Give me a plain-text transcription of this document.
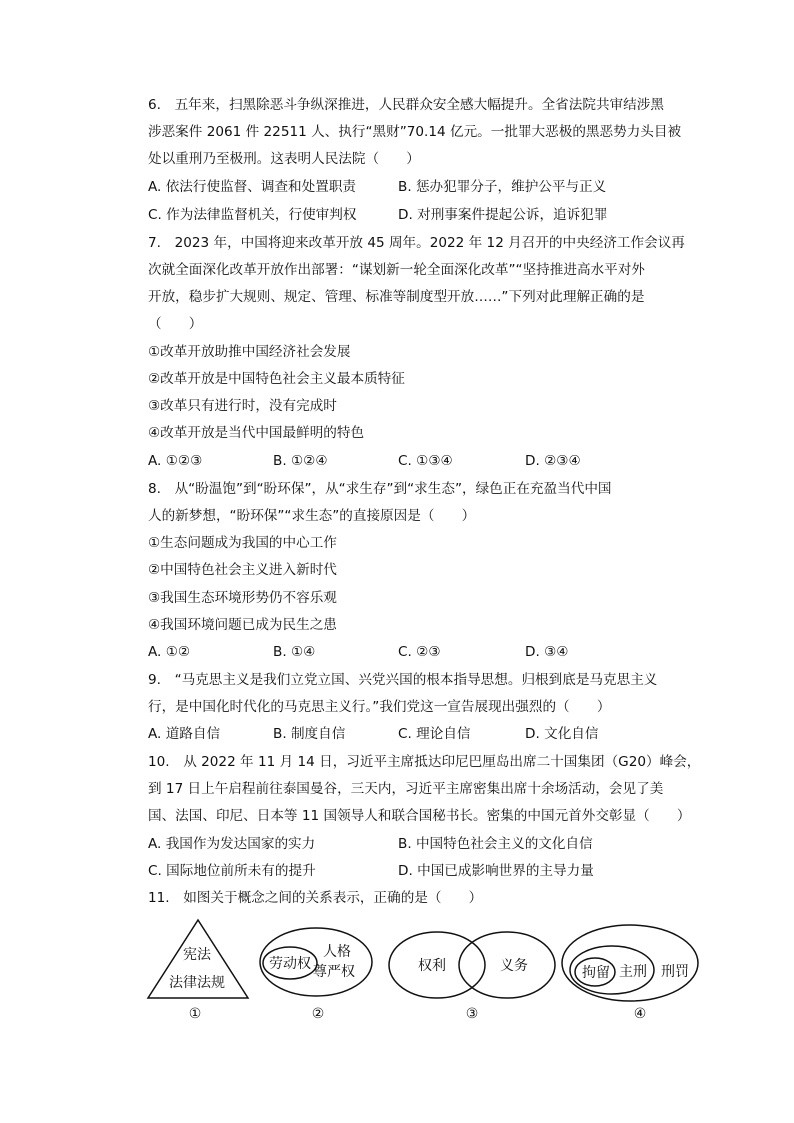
6.　五年来，扫黑除恶斗争纵深推进，人民群众安全感大幅提升。全省法院共审结涉黑
涉恶案件 2061 件 22511 人、执行“黑财”70.14 亿元。一批罪大恶极的黑恶势力头目被
处以重刑乃至极刑。这表明人民法院（　　）
A. 依法行使监督、调查和处置职责	B. 惩办犯罪分子，维护公平与正义
C. 作为法律监督机关，行使审判权	D. 对刑事案件提起公诉，追诉犯罪
7.　2023 年，中国将迎来改革开放 45 周年。2022 年 12 月召开的中央经济工作会议再
次就全面深化改革开放作出部署：“谋划新一轮全面深化改革”“坚持推进高水平对外
开放，稳步扩大规则、规定、管理、标准等制度型开放……”下列对此理解正确的是
（　　）
①改革开放助推中国经济社会发展
②改革开放是中国特色社会主义最本质特征
③改革只有进行时，没有完成时
④改革开放是当代中国最鲜明的特色
A. ①②③	B. ①②④	C. ①③④	D. ②③④
8.　从“盼温饱”到“盼环保”，从“求生存”到“求生态”，绿色正在充盈当代中国
人的新梦想，“盼环保”“求生态”的直接原因是（　　）
①生态问题成为我国的中心工作
②中国特色社会主义进入新时代
③我国生态环境形势仍不容乐观
④我国环境问题已成为民生之患
A. ①②	B. ①④	C. ②③	D. ③④
9.　“马克思主义是我们立党立国、兴党兴国的根本指导思想。归根到底是马克思主义
行，是中国化时代化的马克思主义行。”我们党这一宣告展现出强烈的（　　）
A. 道路自信	B. 制度自信	C. 理论自信	D. 文化自信
10.　从 2022 年 11 月 14 日，习近平主席抵达印尼巴厘岛出席二十国集团（G20）峰会，
到 17 日上午启程前往泰国曼谷，三天内，习近平主席密集出席十余场活动，会见了美
国、法国、印尼、日本等 11 国领导人和联合国秘书长。密集的中国元首外交彰显（　　）
A. 我国作为发达国家的实力	B. 中国特色社会主义的文化自信
C. 国际地位前所未有的提升	D. 中国已成影响世界的主导力量
11.　如图关于概念之间的关系表示，正确的是（　　）
宪法
法律法规
劳动权
人格
尊严权	权利	义务	拘留 主刑 刑罚
①	②	③	④
